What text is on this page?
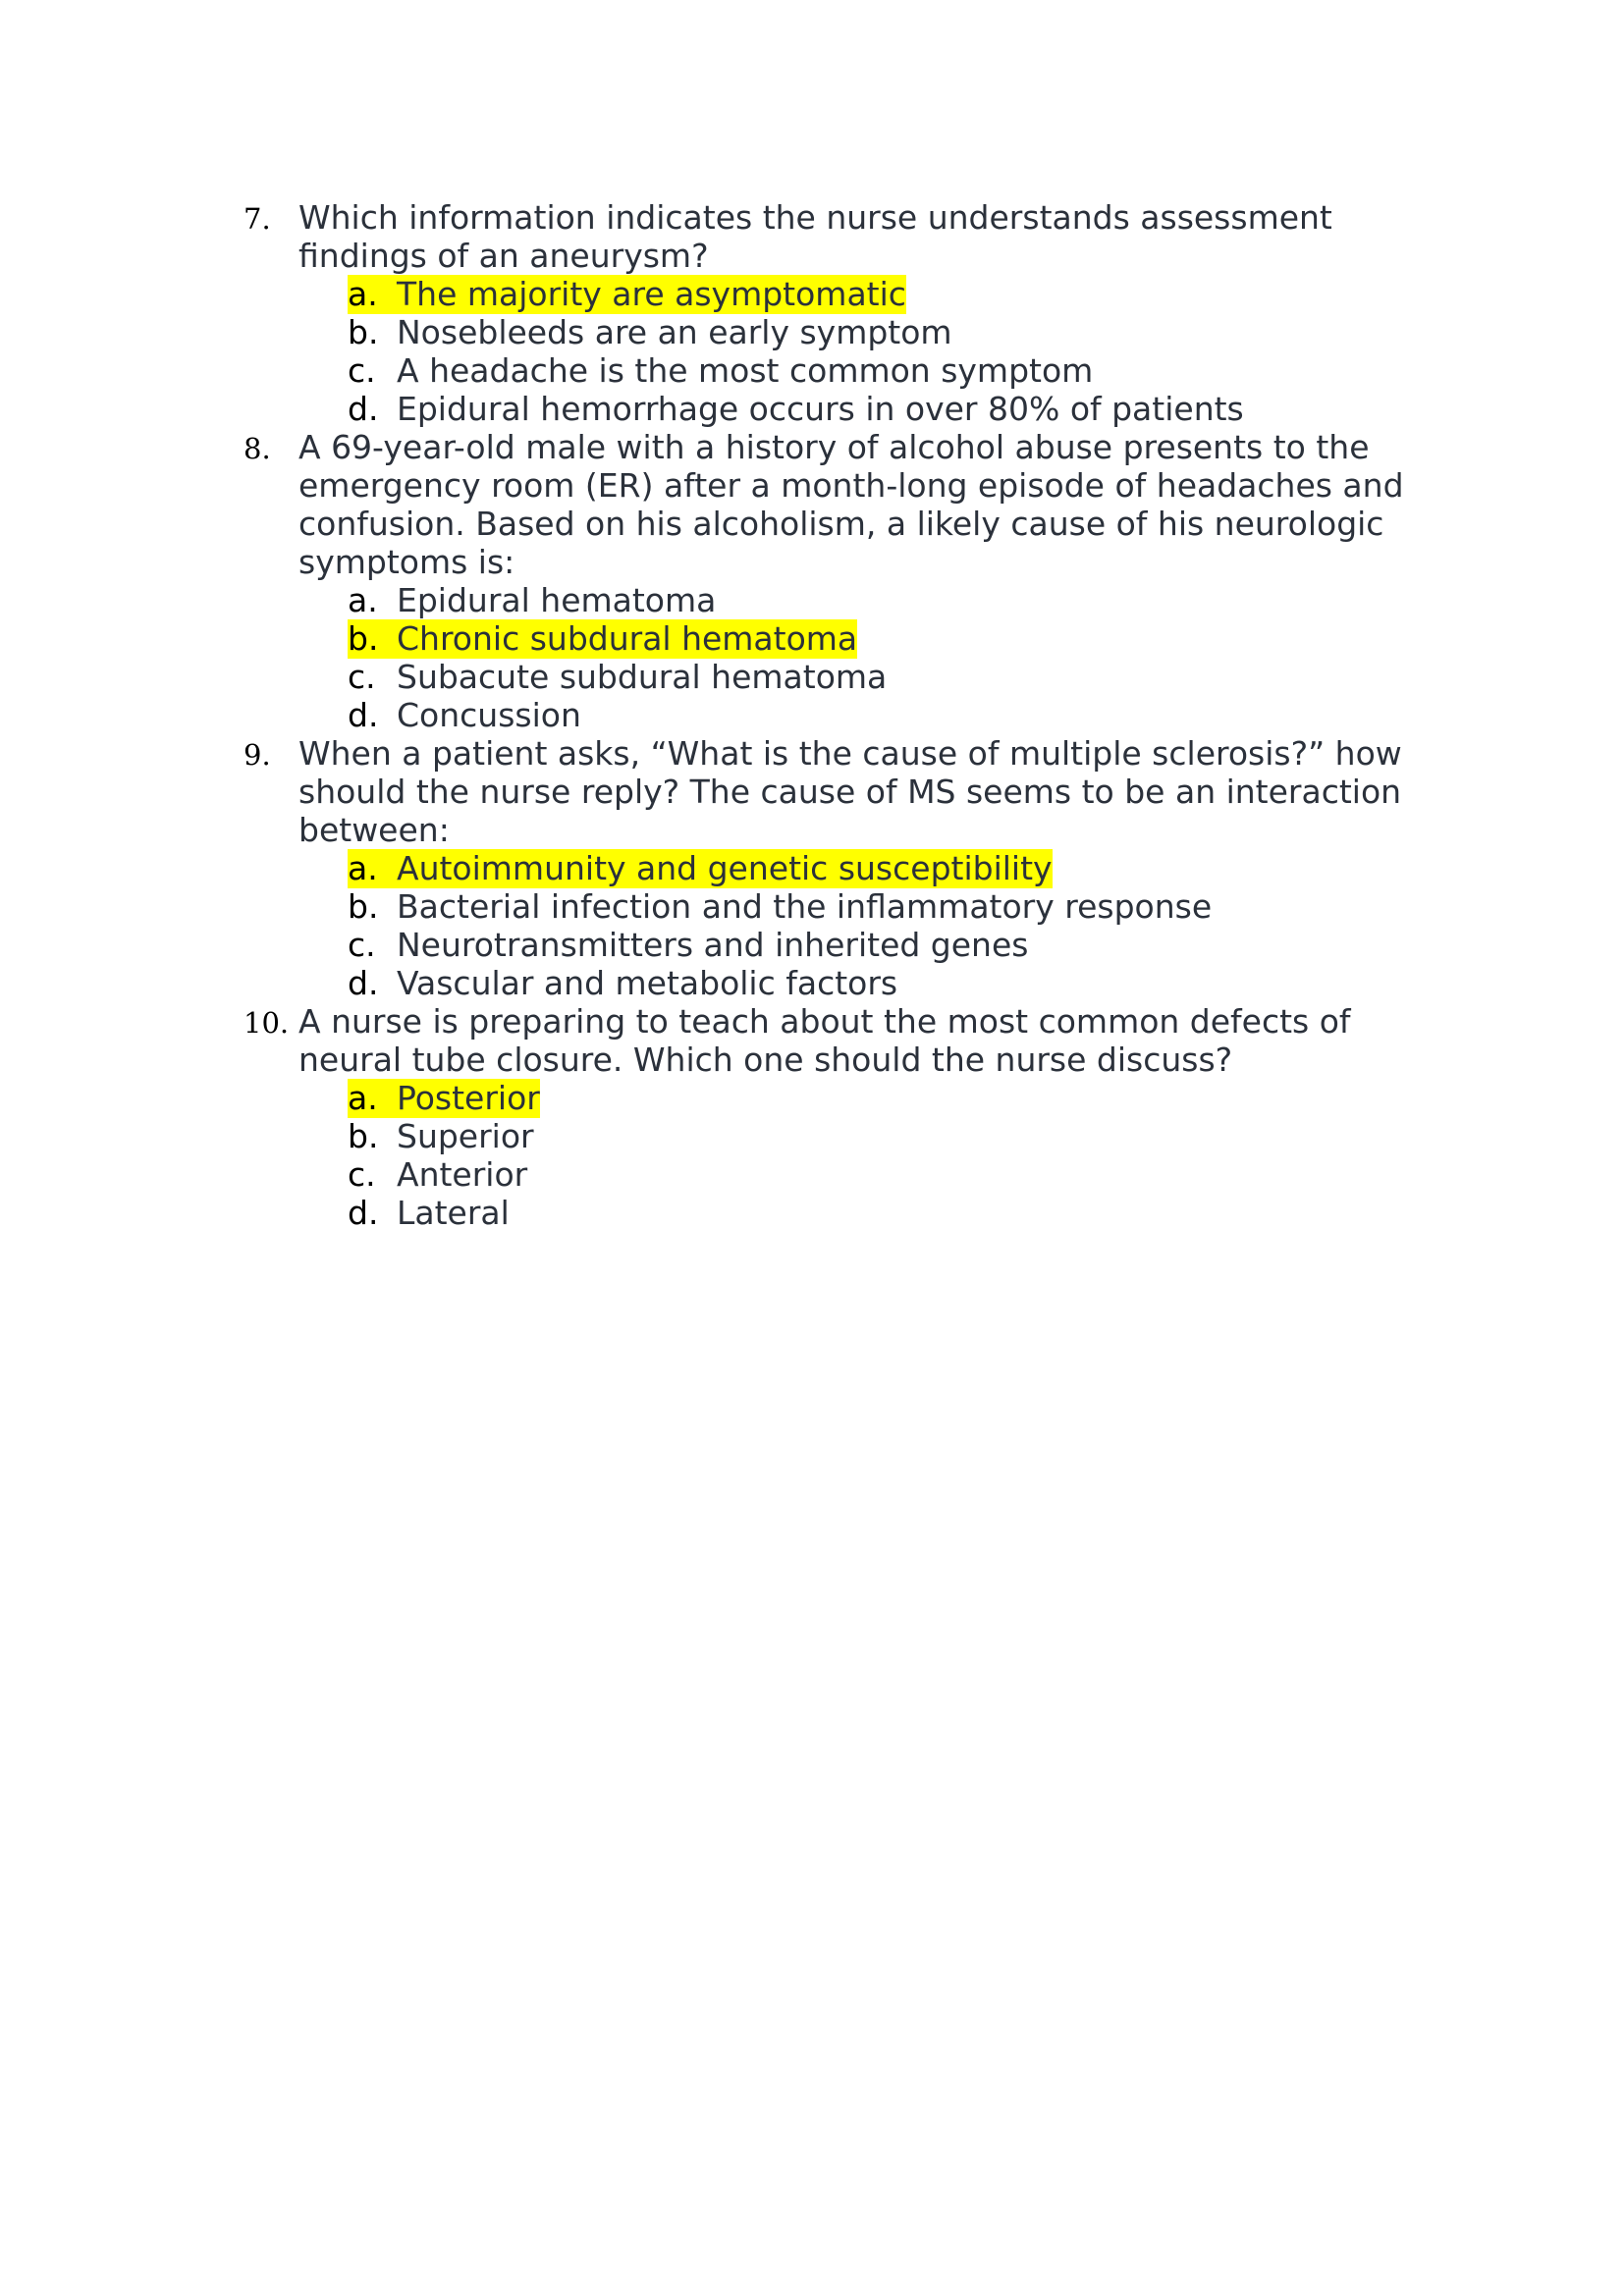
7. Which information indicates the nurse understands assessment findings of an aneurysm?
a. The majority are asymptomatic
b. Nosebleeds are an early symptom
c. A headache is the most common symptom
d. Epidural hemorrhage occurs in over 80% of patients
8. A 69-year-old male with a history of alcohol abuse presents to the emergency room (ER) after a month-long episode of headaches and confusion. Based on his alcoholism, a likely cause of his neurologic symptoms is:
a. Epidural hematoma
b. Chronic subdural hematoma
c. Subacute subdural hematoma
d. Concussion
9. When a patient asks, “What is the cause of multiple sclerosis?” how should the nurse reply? The cause of MS seems to be an interaction between:
a. Autoimmunity and genetic susceptibility
b. Bacterial infection and the inflammatory response
c. Neurotransmitters and inherited genes
d. Vascular and metabolic factors
10. A nurse is preparing to teach about the most common defects of neural tube closure. Which one should the nurse discuss?
a. Posterior
b. Superior
c. Anterior
d. Lateral
